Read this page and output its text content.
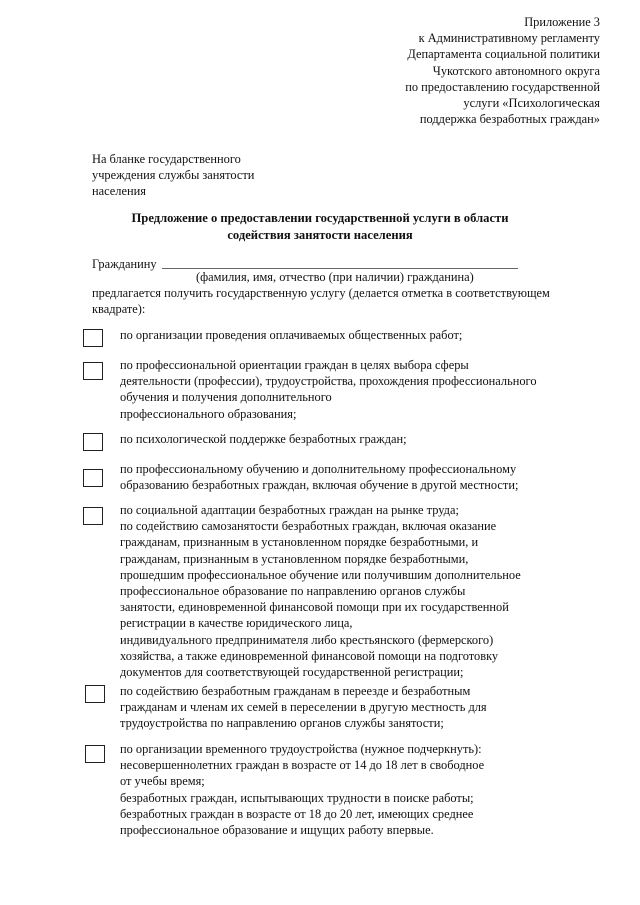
Приложение 3
к Административному регламенту
Департамента социальной политики
Чукотского автономного округа
по предоставлению государственной
услуги «Психологическая
поддержка безработных граждан»
На бланке государственного
учреждения службы занятости
населения
Предложение о предоставлении государственной услуги в области
содействия занятости населения
Гражданину
(фамилия, имя, отчество (при наличии) гражданина)
предлагается получить государственную услугу (делается отметка в соответствующем квадрате):
по организации проведения оплачиваемых общественных работ;
по профессиональной ориентации граждан в целях выбора сферы
деятельности (профессии), трудоустройства, прохождения профессионального
обучения и получения дополнительного
профессионального образования;
по психологической поддержке безработных граждан;
по профессиональному обучению и дополнительному профессиональному
образованию безработных граждан, включая обучение в другой местности;
по социальной адаптации безработных граждан на рынке труда;
по содействию самозанятости безработных граждан, включая оказание
гражданам, признанным в установленном порядке безработными, и
гражданам, признанным в установленном порядке безработными,
прошедшим профессиональное обучение или получившим дополнительное
профессиональное образование по направлению органов службы
занятости, единовременной финансовой помощи при их государственной
регистрации в качестве юридического лица,
индивидуального предпринимателя либо крестьянского (фермерского)
хозяйства, а также единовременной финансовой помощи на подготовку
документов для соответствующей государственной регистрации;
по содействию безработным гражданам в переезде и безработным
гражданам и членам их семей в переселении в другую местность для
трудоустройства по направлению органов службы занятости;
по организации временного трудоустройства (нужное подчеркнуть):
несовершеннолетних граждан в возрасте от 14 до 18 лет в свободное
от учебы время;
безработных граждан, испытывающих трудности в поиске работы;
безработных граждан в возрасте от 18 до 20 лет, имеющих среднее
профессиональное образование и ищущих работу впервые.
